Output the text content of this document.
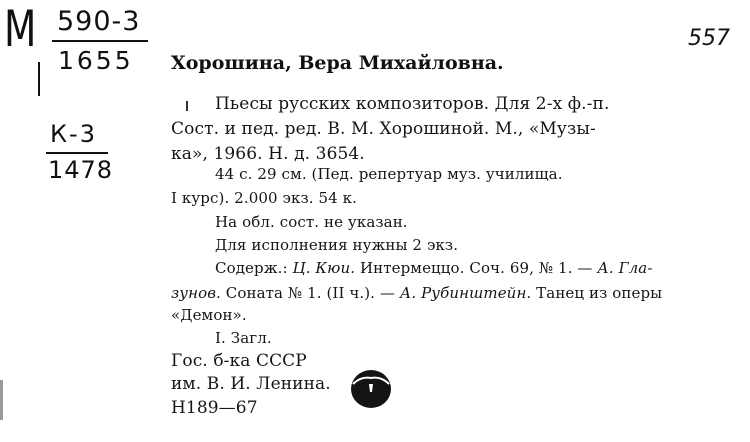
М 590-3
1655
К-3
1478
557
Хорошина, Вера Михайловна.
Пьесы русских композиторов. Для 2-х ф.-п.
Сост. и пед. ред. В. М. Хорошиной. М., «Музы-
ка», 1966. Н. д. 3654.
44 с. 29 см. (Пед. репертуар муз. училища.
I курс). 2.000 экз. 54 к.
На обл. сост. не указан.
Для исполнения нужны 2 экз.
Содерж.: Ц. Кюи. Интермеццо. Соч. 69, № 1. — А. Гла-
зунов. Соната № 1. (II ч.). — А. Рубинштейн. Танец из оперы
«Демон».
I. Загл.
Гос. б-ка СССР
им. В. И. Ленина.
Н189—67
